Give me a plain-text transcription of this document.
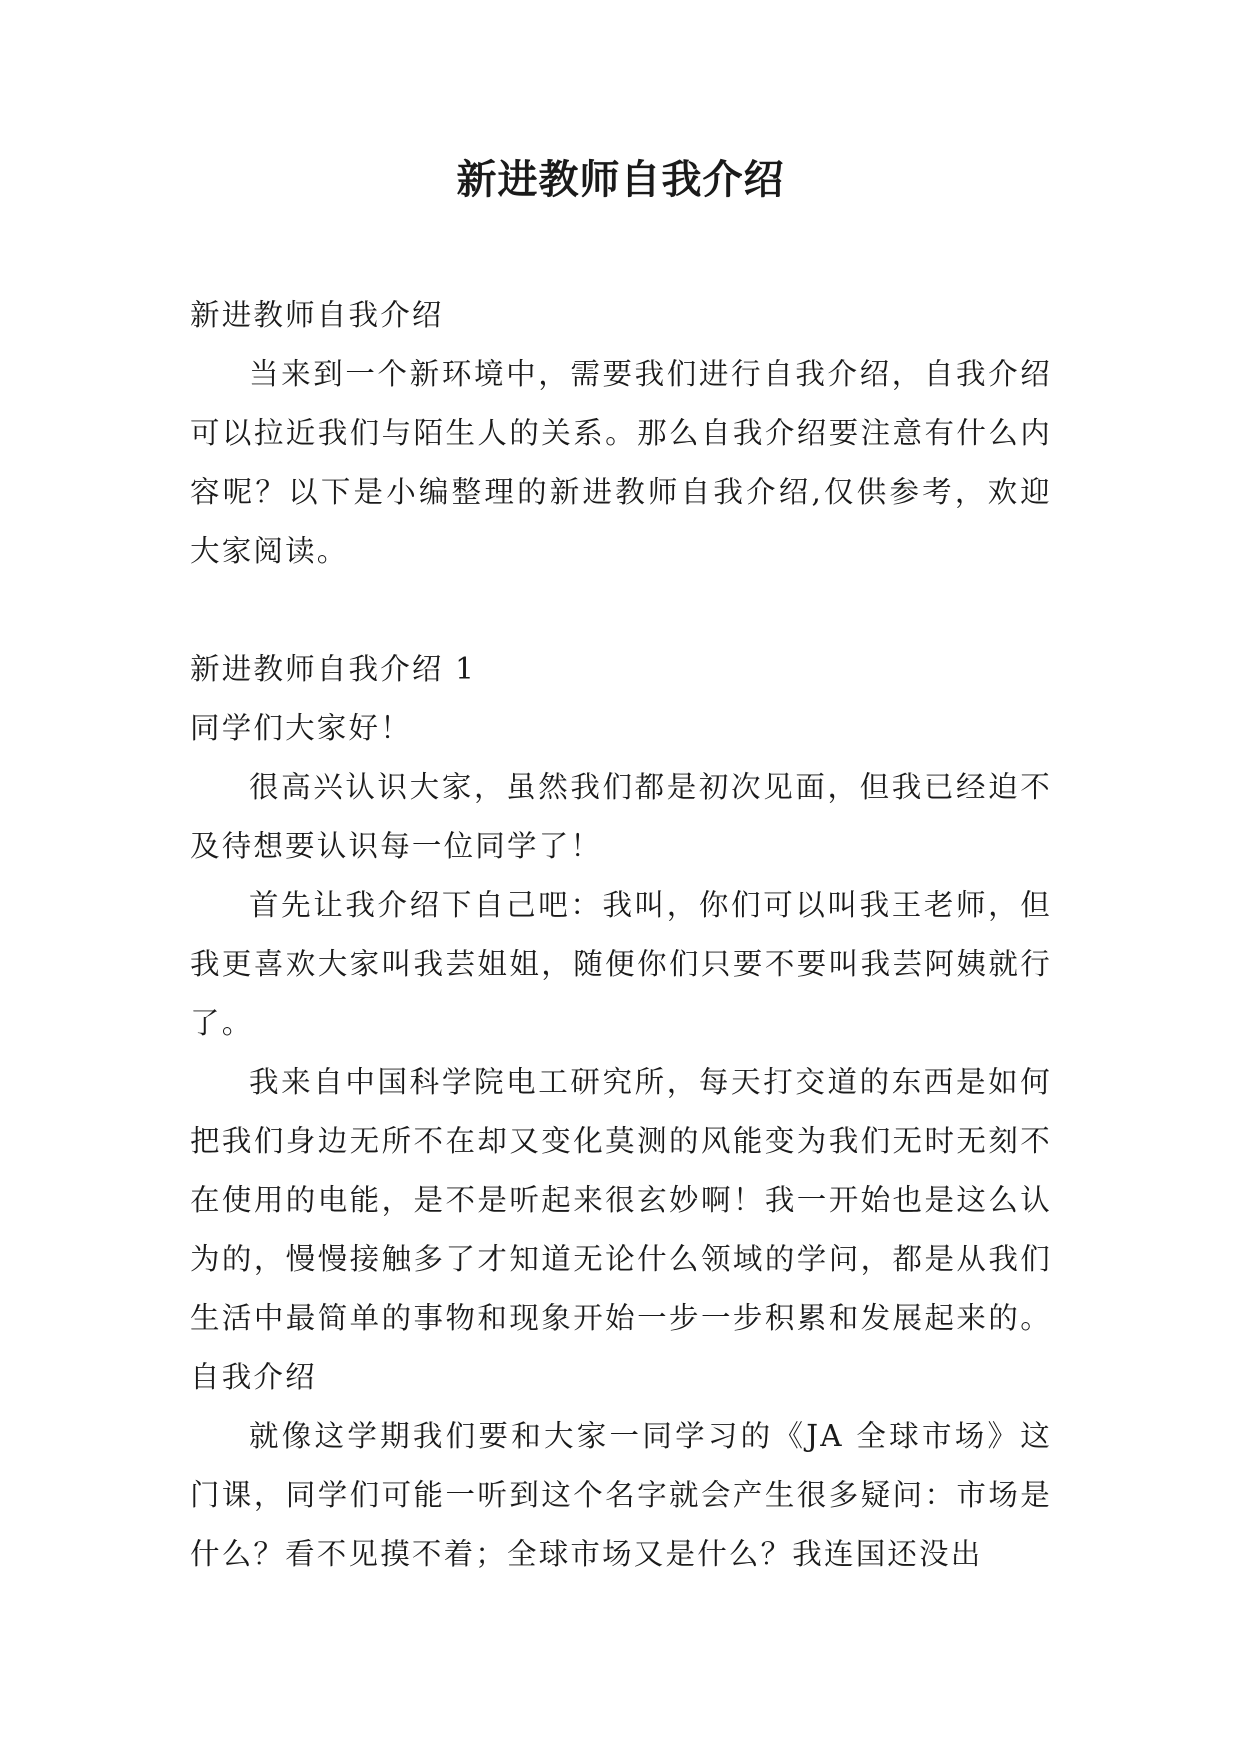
新进教师自我介绍

新进教师自我介绍

当来到一个新环境中，需要我们进行自我介绍，自我介绍可以拉近我们与陌生人的关系。那么自我介绍要注意有什么内容呢？以下是小编整理的新进教师自我介绍,仅供参考，欢迎大家阅读。

新进教师自我介绍 1

同学们大家好！

很高兴认识大家，虽然我们都是初次见面，但我已经迫不及待想要认识每一位同学了！

首先让我介绍下自己吧：我叫，你们可以叫我王老师，但我更喜欢大家叫我芸姐姐，随便你们只要不要叫我芸阿姨就行了。

我来自中国科学院电工研究所，每天打交道的东西是如何把我们身边无所不在却又变化莫测的风能变为我们无时无刻不在使用的电能，是不是听起来很玄妙啊！我一开始也是这么认为的，慢慢接触多了才知道无论什么领域的学问，都是从我们生活中最简单的事物和现象开始一步一步积累和发展起来的。自我介绍

就像这学期我们要和大家一同学习的《JA 全球市场》这门课，同学们可能一听到这个名字就会产生很多疑问：市场是什么？看不见摸不着；全球市场又是什么？我连国还没出
